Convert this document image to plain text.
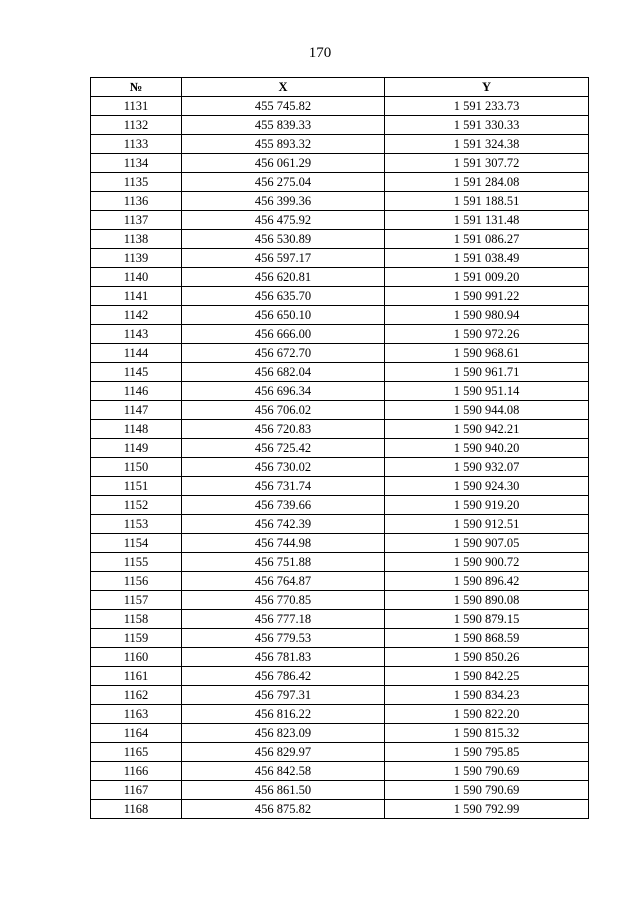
170
№	X	Y
1131	455 745.82	1 591 233.73
1132	455 839.33	1 591 330.33
1133	455 893.32	1 591 324.38
1134	456 061.29	1 591 307.72
1135	456 275.04	1 591 284.08
1136	456 399.36	1 591 188.51
1137	456 475.92	1 591 131.48
1138	456 530.89	1 591 086.27
1139	456 597.17	1 591 038.49
1140	456 620.81	1 591 009.20
1141	456 635.70	1 590 991.22
1142	456 650.10	1 590 980.94
1143	456 666.00	1 590 972.26
1144	456 672.70	1 590 968.61
1145	456 682.04	1 590 961.71
1146	456 696.34	1 590 951.14
1147	456 706.02	1 590 944.08
1148	456 720.83	1 590 942.21
1149	456 725.42	1 590 940.20
1150	456 730.02	1 590 932.07
1151	456 731.74	1 590 924.30
1152	456 739.66	1 590 919.20
1153	456 742.39	1 590 912.51
1154	456 744.98	1 590 907.05
1155	456 751.88	1 590 900.72
1156	456 764.87	1 590 896.42
1157	456 770.85	1 590 890.08
1158	456 777.18	1 590 879.15
1159	456 779.53	1 590 868.59
1160	456 781.83	1 590 850.26
1161	456 786.42	1 590 842.25
1162	456 797.31	1 590 834.23
1163	456 816.22	1 590 822.20
1164	456 823.09	1 590 815.32
1165	456 829.97	1 590 795.85
1166	456 842.58	1 590 790.69
1167	456 861.50	1 590 790.69
1168	456 875.82	1 590 792.99
